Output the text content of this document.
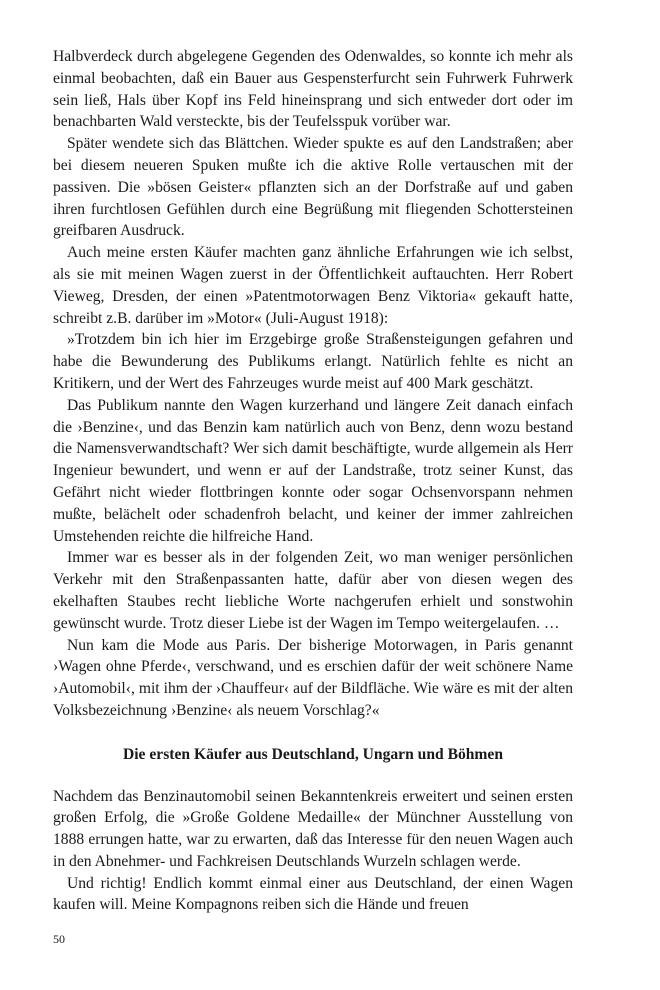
Halbverdeck durch abgelegene Gegenden des Odenwaldes, so konnte ich mehr als einmal beobachten, daß ein Bauer aus Gespensterfurcht sein Fuhrwerk Fuhrwerk sein ließ, Hals über Kopf ins Feld hineinsprang und sich entweder dort oder im benachbarten Wald versteckte, bis der Teufelsspuk vorüber war.

Später wendete sich das Blättchen. Wieder spukte es auf den Landstraßen; aber bei diesem neueren Spuken mußte ich die aktive Rolle vertauschen mit der passiven. Die »bösen Geister« pflanzten sich an der Dorfstraße auf und gaben ihren furchtlosen Gefühlen durch eine Begrüßung mit fliegenden Schottersteinen greifbaren Ausdruck.

Auch meine ersten Käufer machten ganz ähnliche Erfahrungen wie ich selbst, als sie mit meinen Wagen zuerst in der Öffentlichkeit auftauchten. Herr Robert Vieweg, Dresden, der einen »Patentmotorwagen Benz Viktoria« gekauft hatte, schreibt z.B. darüber im »Motor« (Juli-August 1918):

»Trotzdem bin ich hier im Erzgebirge große Straßensteigungen gefahren und habe die Bewunderung des Publikums erlangt. Natürlich fehlte es nicht an Kritikern, und der Wert des Fahrzeuges wurde meist auf 400 Mark geschätzt.

Das Publikum nannte den Wagen kurzerhand und längere Zeit danach einfach die ›Benzine‹, und das Benzin kam natürlich auch von Benz, denn wozu bestand die Namensverwandtschaft? Wer sich damit beschäftigte, wurde allgemein als Herr Ingenieur bewundert, und wenn er auf der Landstraße, trotz seiner Kunst, das Gefährt nicht wieder flottbringen konnte oder sogar Ochsenvorspann nehmen mußte, belächelt oder schadenfroh belacht, und keiner der immer zahlreichen Umstehenden reichte die hilfreiche Hand.

Immer war es besser als in der folgenden Zeit, wo man weniger persönlichen Verkehr mit den Straßenpassanten hatte, dafür aber von diesen wegen des ekelhaften Staubes recht liebliche Worte nachgerufen erhielt und sonstwohin gewünscht wurde. Trotz dieser Liebe ist der Wagen im Tempo weitergelaufen. …

Nun kam die Mode aus Paris. Der bisherige Motorwagen, in Paris genannt ›Wagen ohne Pferde‹, verschwand, und es erschien dafür der weit schönere Name ›Automobil‹, mit ihm der ›Chauffeur‹ auf der Bildfläche. Wie wäre es mit der alten Volksbezeichnung ›Benzine‹ als neuem Vorschlag?«

Die ersten Käufer aus Deutschland, Ungarn und Böhmen

Nachdem das Benzinautomobil seinen Bekanntenkreis erweitert und seinen ersten großen Erfolg, die »Große Goldene Medaille« der Münchner Ausstellung von 1888 errungen hatte, war zu erwarten, daß das Interesse für den neuen Wagen auch in den Abnehmer- und Fachkreisen Deutschlands Wurzeln schlagen werde.

Und richtig! Endlich kommt einmal einer aus Deutschland, der einen Wagen kaufen will. Meine Kompagnons reiben sich die Hände und freuen

50
